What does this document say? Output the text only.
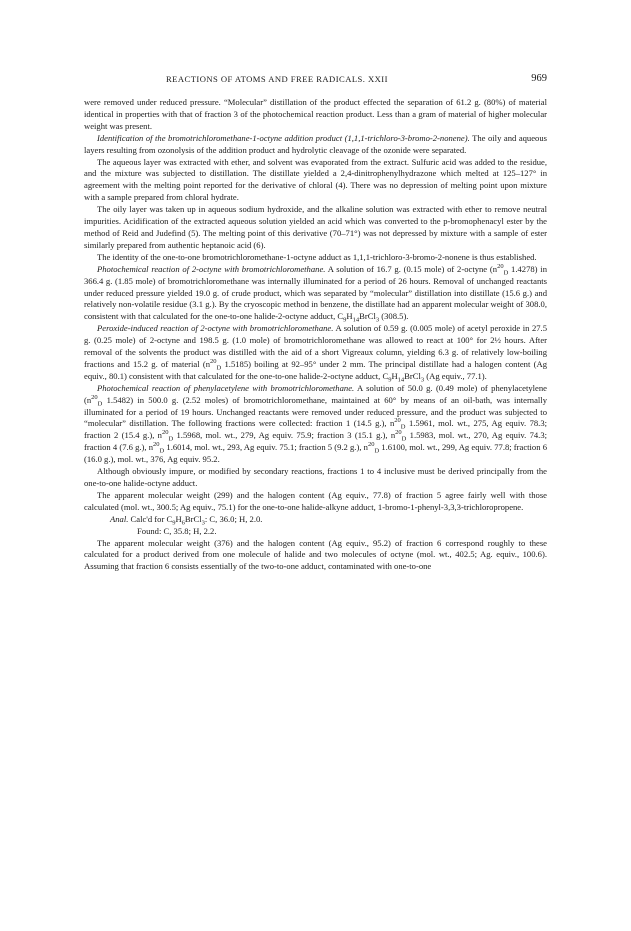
REACTIONS OF ATOMS AND FREE RADICALS. XXII	969

were removed under reduced pressure. “Molecular” distillation of the product effected the separation of 61.2 g. (80%) of material identical in properties with that of fraction 3 of the photochemical reaction product. Less than a gram of material of higher molecular weight was present.

Identification of the bromotrichloromethane-1-octyne addition product (1,1,1-trichloro-3-bromo-2-nonene). The oily and aqueous layers resulting from ozonolysis of the addition product and hydrolytic cleavage of the ozonide were separated.

The aqueous layer was extracted with ether, and solvent was evaporated from the extract. Sulfuric acid was added to the residue, and the mixture was subjected to distillation. The distillate yielded a 2,4-dinitrophenylhydrazone which melted at 125–127° in agreement with the melting point reported for the derivative of chloral (4). There was no depression of melting point upon mixture with a sample prepared from chloral hydrate.

The oily layer was taken up in aqueous sodium hydroxide, and the alkaline solution was extracted with ether to remove neutral impurities. Acidification of the extracted aqueous solution yielded an acid which was converted to the p-bromophenacyl ester by the method of Reid and Judefind (5). The melting point of this derivative (70–71°) was not depressed by mixture with a sample of ester similarly prepared from authentic heptanoic acid (6).

The identity of the one-to-one bromotrichloromethane-1-octyne adduct as 1,1,1-trichloro-3-bromo-2-nonene is thus established.

Photochemical reaction of 2-octyne with bromotrichloromethane. A solution of 16.7 g. (0.15 mole) of 2-octyne ($n^{20}_D$ 1.4278) in 366.4 g. (1.85 mole) of bromotrichloromethane was internally illuminated for a period of 26 hours. Removal of unchanged reactants under reduced pressure yielded 19.0 g. of crude product, which was separated by “molecular” distillation into distillate (15.6 g.) and relatively non-volatile residue (3.1 g.). By the cryoscopic method in benzene, the distillate had an apparent molecular weight of 308.0, consistent with that calculated for the one-to-one halide-2-octyne adduct, $C_9H_{14}BrCl_3$ (308.5).

Peroxide-induced reaction of 2-octyne with bromotrichloromethane. A solution of 0.59 g. (0.005 mole) of acetyl peroxide in 27.5 g. (0.25 mole) of 2-octyne and 198.5 g. (1.0 mole) of bromotrichloromethane was allowed to react at 100° for 2½ hours. After removal of the solvents the product was distilled with the aid of a short Vigreaux column, yielding 6.3 g. of relatively low-boiling fractions and 15.2 g. of material ($n^{20}_D$ 1.5185) boiling at 92–95° under 2 mm. The principal distillate had a halogen content (Ag equiv., 80.1) consistent with that calculated for the one-to-one halide-2-octyne adduct, $C_9H_{14}BrCl_3$ (Ag equiv., 77.1).

Photochemical reaction of phenylacetylene with bromotrichloromethane. A solution of 50.0 g. (0.49 mole) of phenylacetylene ($n^{20}_D$ 1.5482) in 500.0 g. (2.52 moles) of bromotrichloromethane, maintained at 60° by means of an oil-bath, was internally illuminated for a period of 19 hours. Unchanged reactants were removed under reduced pressure, and the product was subjected to “molecular” distillation. The following fractions were collected: fraction 1 (14.5 g.), $n^{20}_D$ 1.5961, mol. wt., 275, Ag equiv. 78.3; fraction 2 (15.4 g.), $n^{20}_D$ 1.5968, mol. wt., 279, Ag equiv. 75.9; fraction 3 (15.1 g.), $n^{20}_D$ 1.5983, mol. wt., 270, Ag equiv. 74.3; fraction 4 (7.6 g.), $n^{20}_D$ 1.6014, mol. wt., 293, Ag equiv. 75.1; fraction 5 (9.2 g.), $n^{20}_D$ 1.6100, mol. wt., 299, Ag equiv. 77.8; fraction 6 (16.0 g.), mol. wt., 376, Ag equiv. 95.2.

Although obviously impure, or modified by secondary reactions, fractions 1 to 4 inclusive must be derived principally from the one-to-one halide-octyne adduct.

The apparent molecular weight (299) and the halogen content (Ag equiv., 77.8) of fraction 5 agree fairly well with those calculated (mol. wt., 300.5; Ag equiv., 75.1) for the one-to-one halide-alkyne adduct, 1-bromo-1-phenyl-3,3,3-trichloropropene.

Anal. Calc'd for $C_9H_6BrCl_3$: C, 36.0; H, 2.0.

Found: C, 35.8; H, 2.2.

The apparent molecular weight (376) and the halogen content (Ag equiv., 95.2) of fraction 6 correspond roughly to these calculated for a product derived from one molecule of halide and two molecules of octyne (mol. wt., 402.5; Ag. equiv., 100.6). Assuming that fraction 6 consists essentially of the two-to-one adduct, contaminated with one-to-one
